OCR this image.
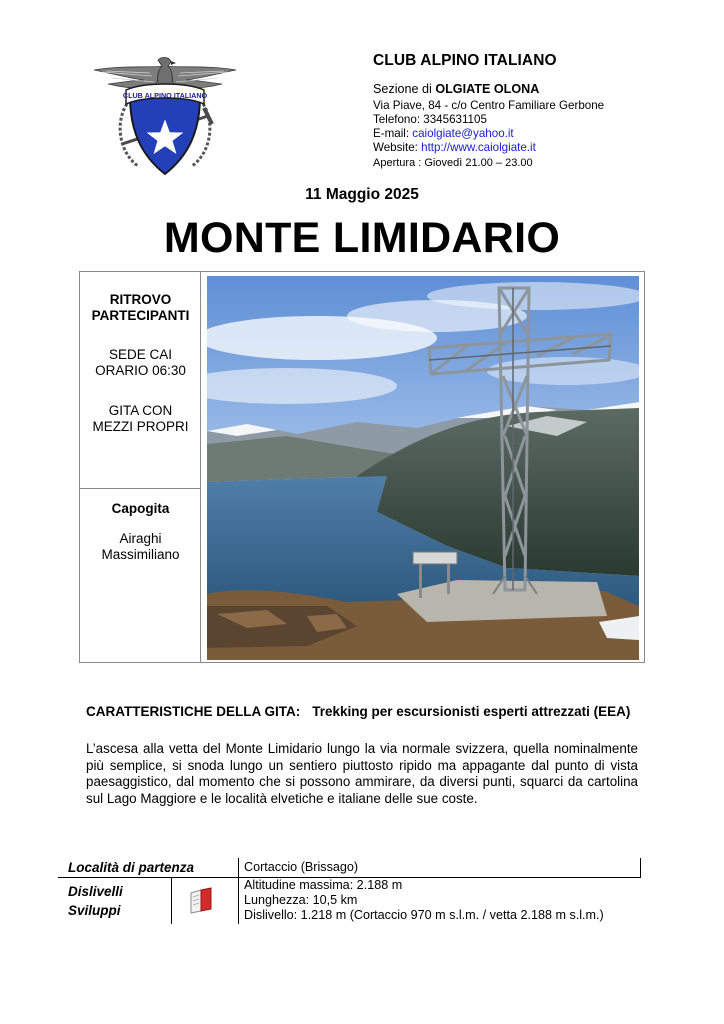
CLUB ALPINO ITALIANO
CLUB ALPINO ITALIANO
Sezione di OLGIATE OLONA
Via Piave, 84 - c/o Centro Familiare Gerbone
Telefono: 3345631105
E-mail: caiolgiate@yahoo.it
Website: http://www.caiolgiate.it
Apertura : Giovedì 21.00 – 23.00
11 Maggio 2025
MONTE LIMIDARIO
RITROVO
PARTECIPANTI
SEDE CAI
ORARIO 06:30
GITA CON
MEZZI PROPRI
Capogita
Airaghi
Massimiliano
CARATTERISTICHE DELLA GITA: Trekking per escursionisti esperti attrezzati (EEA)
L’ascesa alla vetta del Monte Limidario lungo la via normale svizzera, quella nominalmente più semplice, si snoda lungo un sentiero piuttosto ripido ma appagante dal punto di vista paesaggistico, dal momento che si possono ammirare, da diversi punti, squarci da cartolina sul Lago Maggiore e le località elvetiche e italiane delle sue coste.
Località di partenza	Cortaccio (Brissago)
Dislivelli
Sviluppi
Altitudine massima: 2.188 m
Lunghezza: 10,5 km
Dislivello: 1.218 m (Cortaccio 970 m s.l.m. / vetta 2.188 m s.l.m.)
